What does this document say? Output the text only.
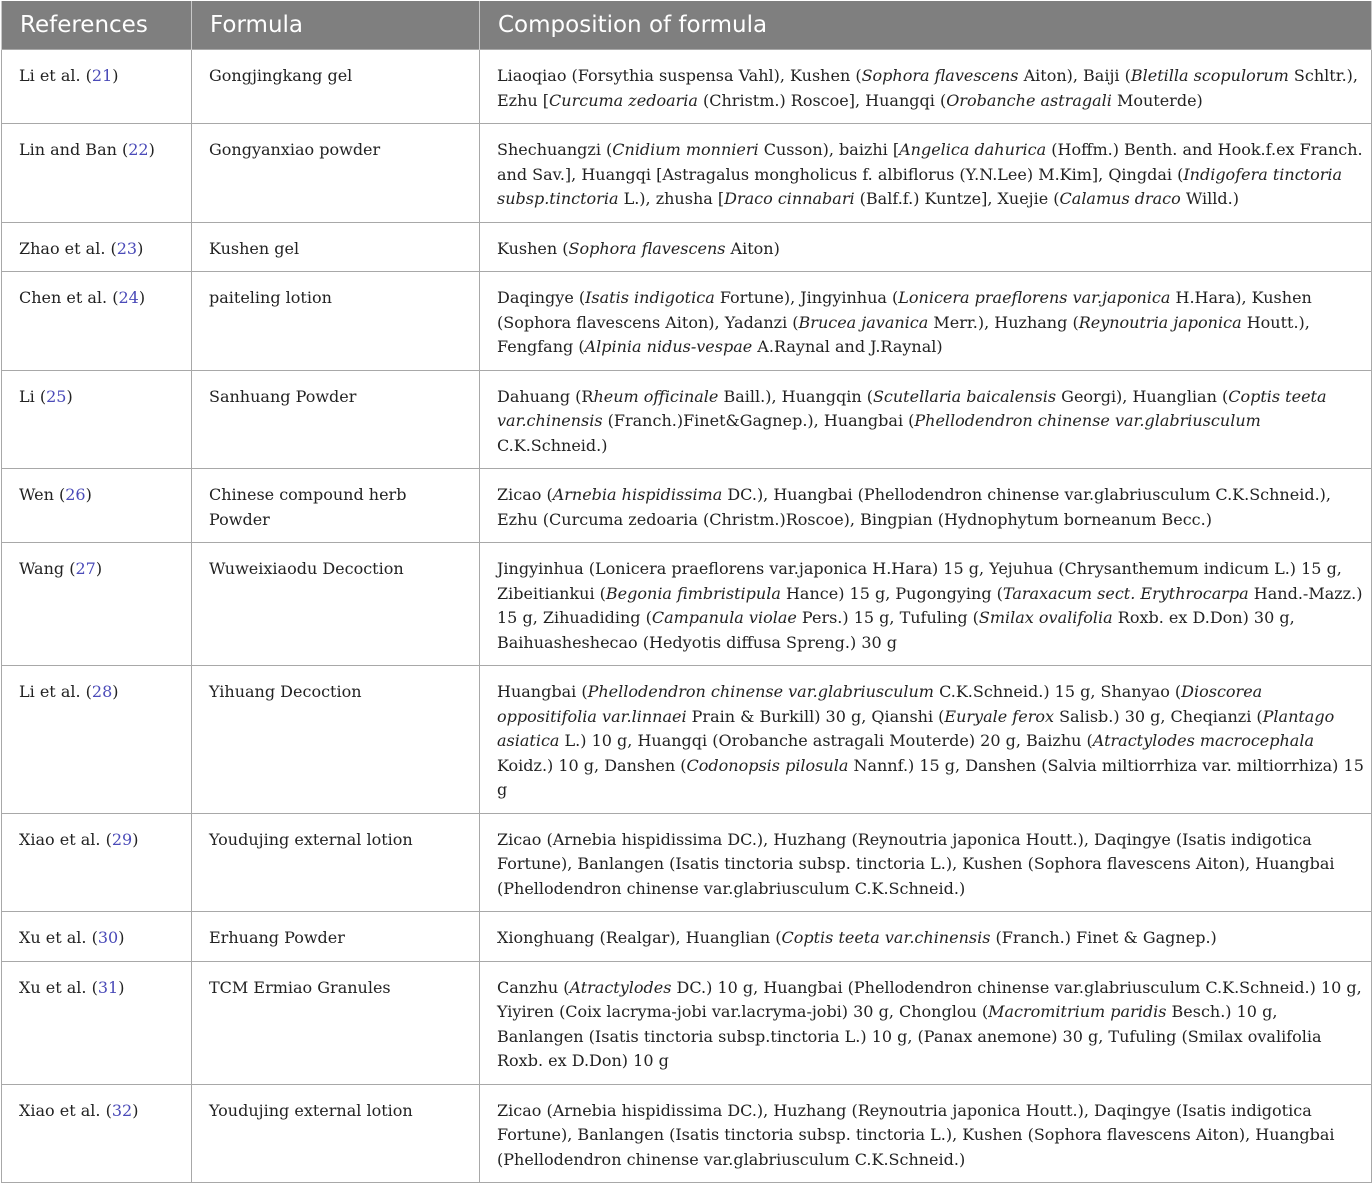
References	Formula	Composition of formula
Li et al. (21)	Gongjingkang gel	Liaoqiao (Forsythia suspensa Vahl), Kushen (Sophora flavescens Aiton), Baiji (Bletilla scopulorum Schltr.), Ezhu [Curcuma zedoaria (Christm.) Roscoe], Huangqi (Orobanche astragali Mouterde)
Lin and Ban (22)	Gongyanxiao powder	Shechuangzi (Cnidium monnieri Cusson), baizhi [Angelica dahurica (Hoffm.) Benth. and Hook.f.ex Franch. and Sav.], Huangqi [Astragalus mongholicus f. albiflorus (Y.N.Lee) M.Kim], Qingdai (Indigofera tinctoria subsp.tinctoria L.), zhusha [Draco cinnabari (Balf.f.) Kuntze], Xuejie (Calamus draco Willd.)
Zhao et al. (23)	Kushen gel	Kushen (Sophora flavescens Aiton)
Chen et al. (24)	paiteling lotion	Daqingye (Isatis indigotica Fortune), Jingyinhua (Lonicera praeflorens var.japonica H.Hara), Kushen (Sophora flavescens Aiton), Yadanzi (Brucea javanica Merr.), Huzhang (Reynoutria japonica Houtt.), Fengfang (Alpinia nidus-vespae A.Raynal and J.Raynal)
Li (25)	Sanhuang Powder	Dahuang (Rheum officinale Baill.), Huangqin (Scutellaria baicalensis Georgi), Huanglian (Coptis teeta var.chinensis (Franch.)Finet&Gagnep.), Huangbai (Phellodendron chinense var.glabriusculum C.K.Schneid.)
Wen (26)	Chinese compound herb Powder	Zicao (Arnebia hispidissima DC.), Huangbai (Phellodendron chinense var.glabriusculum C.K.Schneid.), Ezhu (Curcuma zedoaria (Christm.)Roscoe), Bingpian (Hydnophytum borneanum Becc.)
Wang (27)	Wuweixiaodu Decoction	Jingyinhua (Lonicera praeflorens var.japonica H.Hara) 15 g, Yejuhua (Chrysanthemum indicum L.) 15 g, Zibeitiankui (Begonia fimbristipula Hance) 15 g, Pugongying (Taraxacum sect. Erythrocarpa Hand.-Mazz.) 15 g, Zihuadiding (Campanula violae Pers.) 15 g, Tufuling (Smilax ovalifolia Roxb. ex D.Don) 30 g, Baihuasheshecao (Hedyotis diffusa Spreng.) 30 g
Li et al. (28)	Yihuang Decoction	Huangbai (Phellodendron chinense var.glabriusculum C.K.Schneid.) 15 g, Shanyao (Dioscorea oppositifolia var.linnaei Prain & Burkill) 30 g, Qianshi (Euryale ferox Salisb.) 30 g, Cheqianzi (Plantago asiatica L.) 10 g, Huangqi (Orobanche astragali Mouterde) 20 g, Baizhu (Atractylodes macrocephala Koidz.) 10 g, Danshen (Codonopsis pilosula Nannf.) 15 g, Danshen (Salvia miltiorrhiza var. miltiorrhiza) 15 g
Xiao et al. (29)	Youdujing external lotion	Zicao (Arnebia hispidissima DC.), Huzhang (Reynoutria japonica Houtt.), Daqingye (Isatis indigotica Fortune), Banlangen (Isatis tinctoria subsp. tinctoria L.), Kushen (Sophora flavescens Aiton), Huangbai (Phellodendron chinense var.glabriusculum C.K.Schneid.)
Xu et al. (30)	Erhuang Powder	Xionghuang (Realgar), Huanglian (Coptis teeta var.chinensis (Franch.) Finet & Gagnep.)
Xu et al. (31)	TCM Ermiao Granules	Canzhu (Atractylodes DC.) 10 g, Huangbai (Phellodendron chinense var.glabriusculum C.K.Schneid.) 10 g, Yiyiren (Coix lacryma-jobi var.lacryma-jobi) 30 g, Chonglou (Macromitrium paridis Besch.) 10 g, Banlangen (Isatis tinctoria subsp.tinctoria L.) 10 g, (Panax anemone) 30 g, Tufuling (Smilax ovalifolia Roxb. ex D.Don) 10 g
Xiao et al. (32)	Youdujing external lotion	Zicao (Arnebia hispidissima DC.), Huzhang (Reynoutria japonica Houtt.), Daqingye (Isatis indigotica Fortune), Banlangen (Isatis tinctoria subsp. tinctoria L.), Kushen (Sophora flavescens Aiton), Huangbai (Phellodendron chinense var.glabriusculum C.K.Schneid.)
